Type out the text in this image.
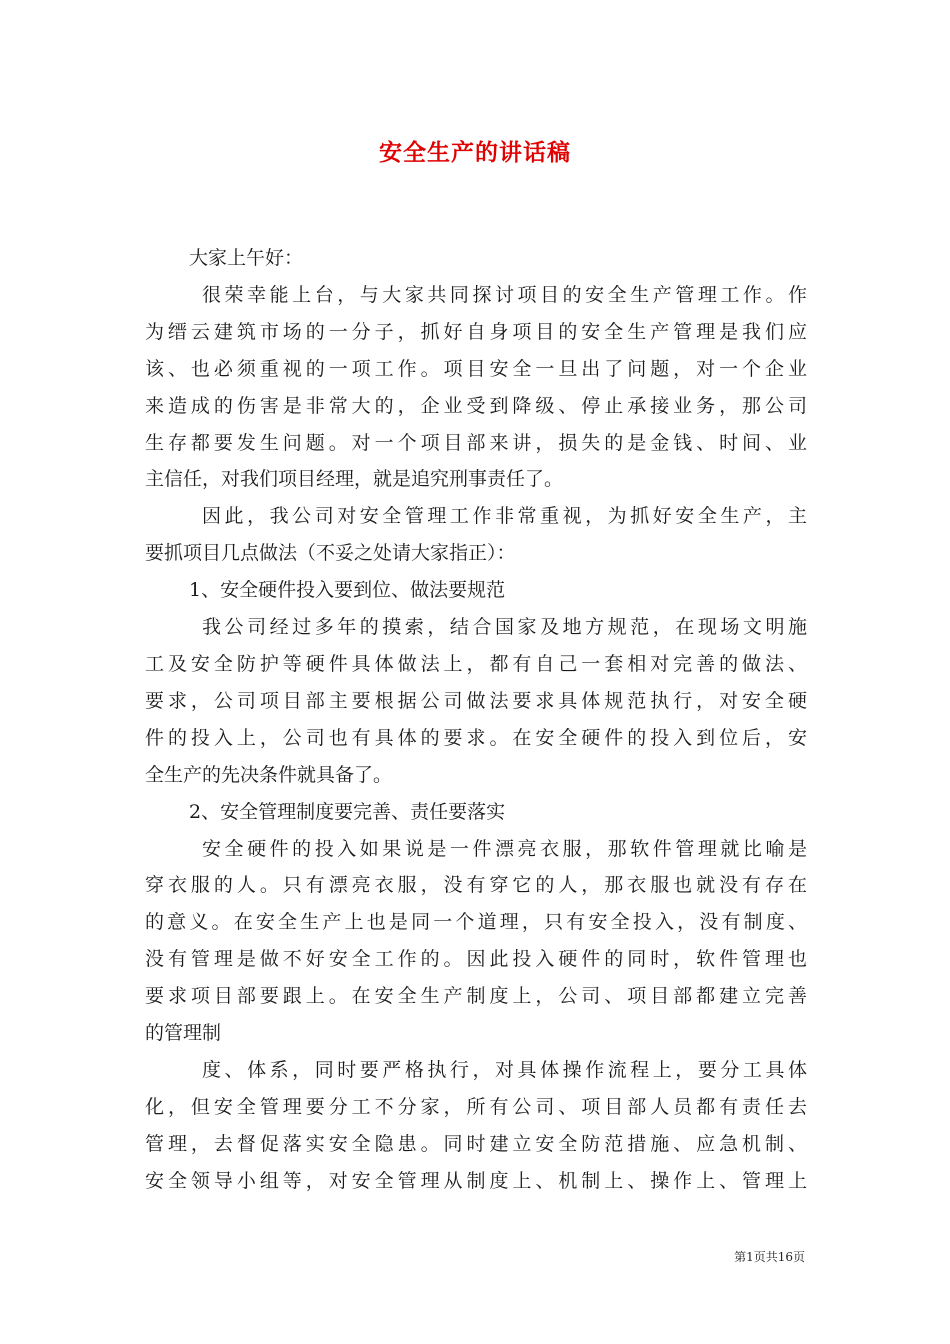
安全生产的讲话稿

大家上午好：

很荣幸能上台，与大家共同探讨项目的安全生产管理工作。作
为缙云建筑市场的一分子，抓好自身项目的安全生产管理是我们应
该、也必须重视的一项工作。项目安全一旦出了问题，对一个企业
来造成的伤害是非常大的，企业受到降级、停止承接业务，那公司
生存都要发生问题。对一个项目部来讲，损失的是金钱、时间、业
主信任，对我们项目经理，就是追究刑事责任了。
因此，我公司对安全管理工作非常重视，为抓好安全生产，主
要抓项目几点做法（不妥之处请大家指正）：

1、安全硬件投入要到位、做法要规范

我公司经过多年的摸索，结合国家及地方规范，在现场文明施
工及安全防护等硬件具体做法上，都有自己一套相对完善的做法、
要求，公司项目部主要根据公司做法要求具体规范执行，对安全硬
件的投入上，公司也有具体的要求。在安全硬件的投入到位后，安
全生产的先决条件就具备了。

2、安全管理制度要完善、责任要落实

安全硬件的投入如果说是一件漂亮衣服，那软件管理就比喻是
穿衣服的人。只有漂亮衣服，没有穿它的人，那衣服也就没有存在
的意义。在安全生产上也是同一个道理，只有安全投入，没有制度、
没有管理是做不好安全工作的。因此投入硬件的同时，软件管理也
要求项目部要跟上。在安全生产制度上，公司、项目部都建立完善
的管理制
度、体系，同时要严格执行，对具体操作流程上，要分工具体
化，但安全管理要分工不分家，所有公司、项目部人员都有责任去
管理，去督促落实安全隐患。同时建立安全防范措施、应急机制、
安全领导小组等，对安全管理从制度上、机制上、操作上、管理上
第1页共16页
